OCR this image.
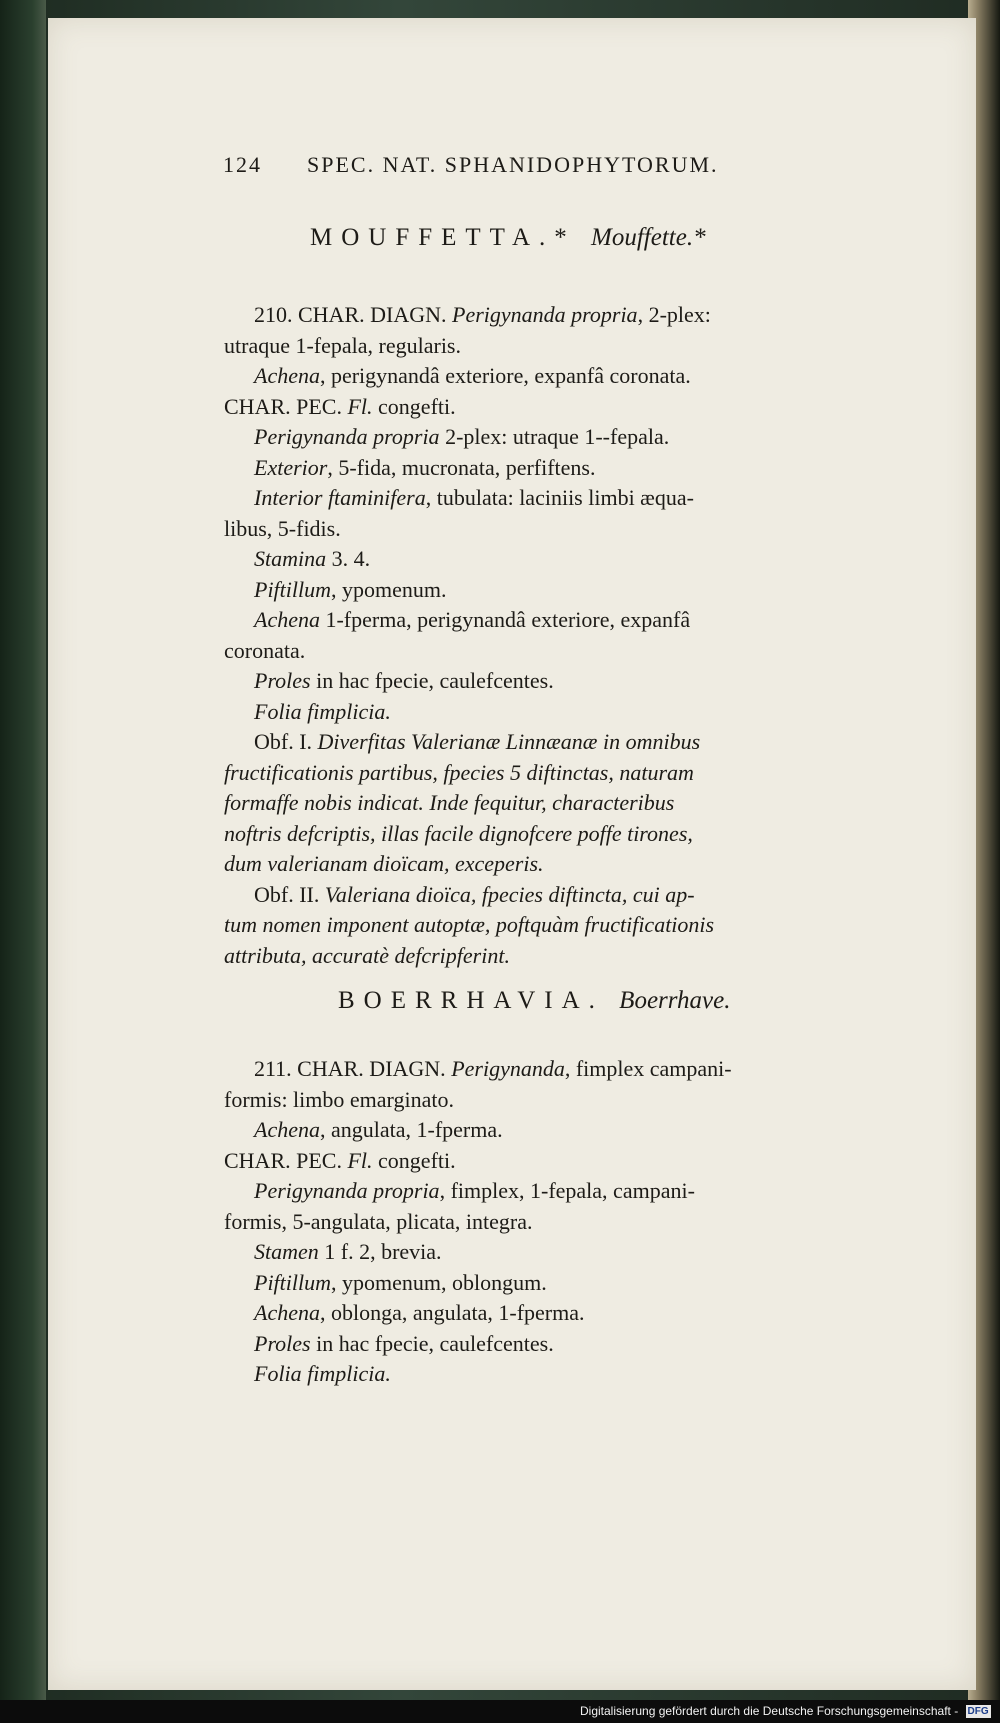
124 SPEC. NAT. SPHANIDOPHYTORUM.
MOUFFETTA.* Mouffette.*
210. CHAR. DIAGN. Perigynanda propria, 2-plex:
utraque 1-fepala, regularis.
Achena, perigynandâ exteriore, expanfâ coronata.
CHAR. PEC. Fl. congefti.
Perigynanda propria 2-plex: utraque 1--fepala.
Exterior, 5-fida, mucronata, perfiftens.
Interior ftaminifera, tubulata: laciniis limbi æqua-
libus, 5-fidis.
Stamina 3. 4.
Piftillum, ypomenum.
Achena 1-fperma, perigynandâ exteriore, expanfâ
coronata.
Proles in hac fpecie, caulefcentes.
Folia fimplicia.
Obf. I. Diverfitas Valerianæ Linnæanæ in omnibus
fructificationis partibus, fpecies 5 diftinctas, naturam
formaffe nobis indicat. Inde fequitur, characteribus
noftris defcriptis, illas facile dignofcere poffe tirones,
dum valerianam dioïcam, exceperis.
Obf. II. Valeriana dioïca, fpecies diftincta, cui ap-
tum nomen imponent autoptæ, poftquàm fructificationis
attributa, accuratè defcripferint.
BOERRHAVIA. Boerrhave.
211. CHAR. DIAGN. Perigynanda, fimplex campani-
formis: limbo emarginato.
Achena, angulata, 1-fperma.
CHAR. PEC. Fl. congefti.
Perigynanda propria, fimplex, 1-fepala, campani-
formis, 5-angulata, plicata, integra.
Stamen 1 f. 2, brevia.
Piftillum, ypomenum, oblongum.
Achena, oblonga, angulata, 1-fperma.
Proles in hac fpecie, caulefcentes.
Folia fimplicia.
Digitalisierung gefördert durch die Deutsche Forschungsgemeinschaft - DFG
